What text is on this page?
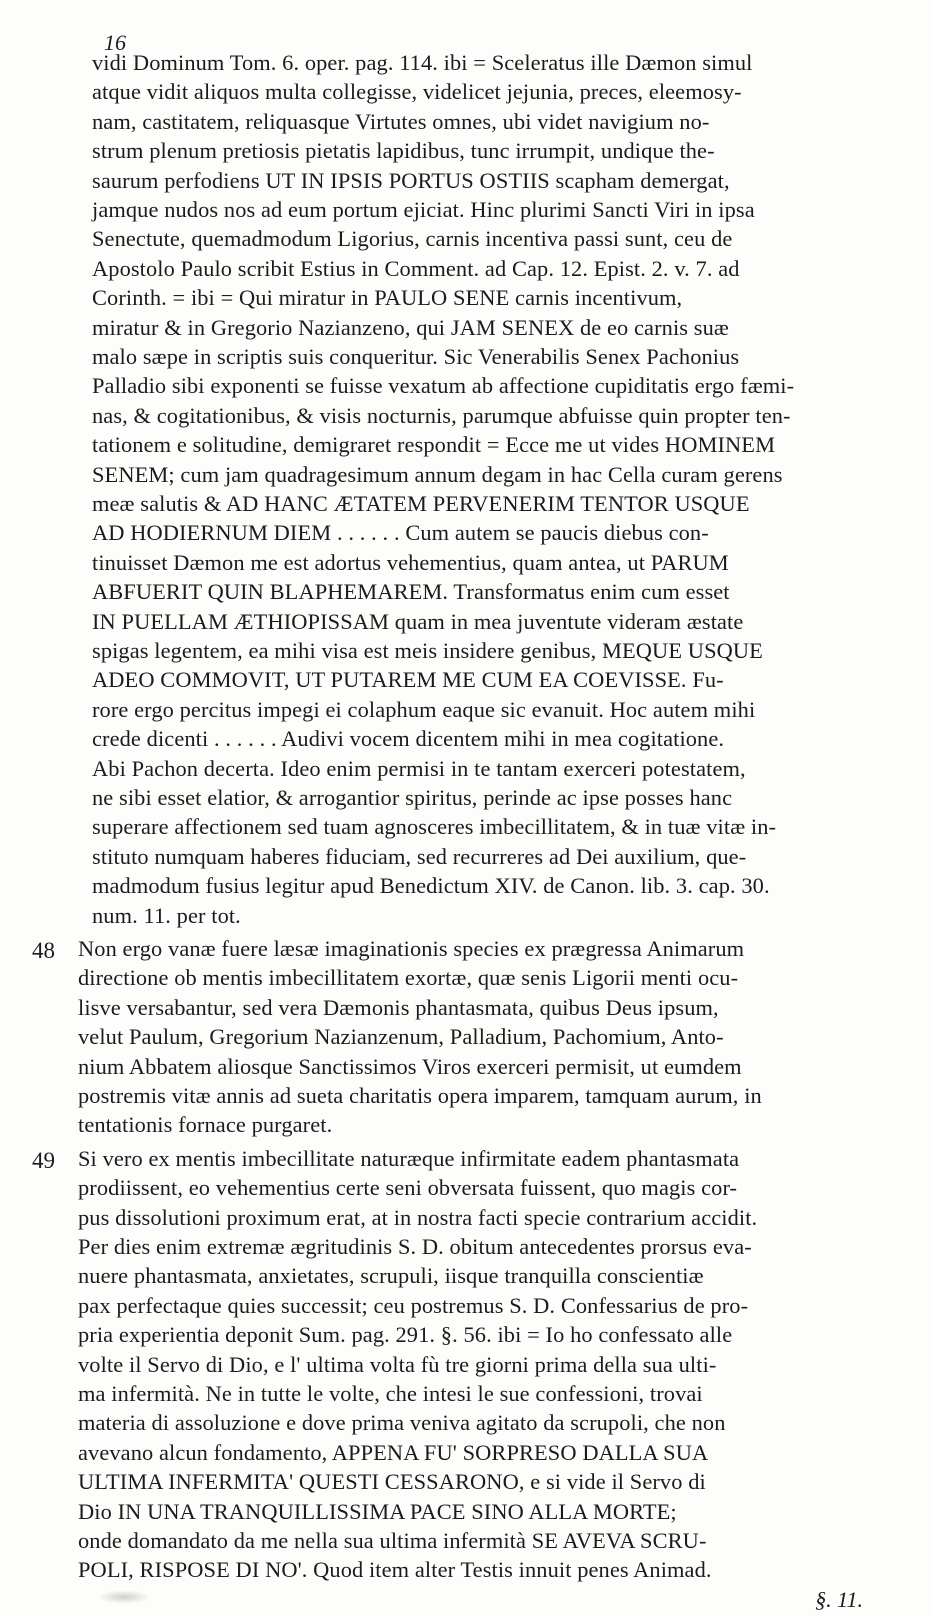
16
vidi Dominum Tom. 6. oper. pag. 114. ibi = Sceleratus ille Dæmon simul
atque vidit aliquos multa collegisse, videlicet jejunia, preces, eleemosy-
nam, castitatem, reliquasque Virtutes omnes, ubi videt navigium no-
strum plenum pretiosis pietatis lapidibus, tunc irrumpit, undique the-
saurum perfodiens UT IN IPSIS PORTUS OSTIIS scapham demergat,
jamque nudos nos ad eum portum ejiciat. Hinc plurimi Sancti Viri in ipsa
Senectute, quemadmodum Ligorius, carnis incentiva passi sunt, ceu de
Apostolo Paulo scribit Estius in Comment. ad Cap. 12. Epist. 2. v. 7. ad
Corinth. = ibi = Qui miratur in PAULO SENE carnis incentivum,
miratur & in Gregorio Nazianzeno, qui JAM SENEX de eo carnis suæ
malo sæpe in scriptis suis conqueritur. Sic Venerabilis Senex Pachonius
Palladio sibi exponenti se fuisse vexatum ab affectione cupiditatis ergo fæmi-
nas, & cogitationibus, & visis nocturnis, parumque abfuisse quin propter ten-
tationem e solitudine, demigraret respondit = Ecce me ut vides HOMINEM
SENEM; cum jam quadragesimum annum degam in hac Cella curam gerens
meæ salutis & AD HANC ÆTATEM PERVENERIM TENTOR USQUE
AD HODIERNUM DIEM . . . . . . Cum autem se paucis diebus con-
tinuisset Dæmon me est adortus vehementius, quam antea, ut PARUM
ABFUERIT QUIN BLAPHEMAREM. Transformatus enim cum esset
IN PUELLAM ÆTHIOPISSAM quam in mea juventute videram æstate
spigas legentem, ea mihi visa est meis insidere genibus, MEQUE USQUE
ADEO COMMOVIT, UT PUTAREM ME CUM EA COEVISSE. Fu-
rore ergo percitus impegi ei colaphum eaque sic evanuit. Hoc autem mihi
crede dicenti . . . . . . Audivi vocem dicentem mihi in mea cogitatione.
Abi Pachon decerta. Ideo enim permisi in te tantam exerceri potestatem,
ne sibi esset elatior, & arrogantior spiritus, perinde ac ipse posses hanc
superare affectionem sed tuam agnosceres imbecillitatem, & in tuæ vitæ in-
stituto numquam haberes fiduciam, sed recurreres ad Dei auxilium, que-
madmodum fusius legitur apud Benedictum XIV. de Canon. lib. 3. cap. 30.
num. 11. per tot.
48 Non ergo vanæ fuere læsæ imaginationis species ex prægressa Animarum
directione ob mentis imbecillitatem exortæ, quæ senis Ligorii menti ocu-
lisve versabantur, sed vera Dæmonis phantasmata, quibus Deus ipsum,
velut Paulum, Gregorium Nazianzenum, Palladium, Pachomium, Anto-
nium Abbatem aliosque Sanctissimos Viros exerceri permisit, ut eumdem
postremis vitæ annis ad sueta charitatis opera imparem, tamquam aurum, in
tentationis fornace purgaret.
49 Si vero ex mentis imbecillitate naturæque infirmitate eadem phantasmata
prodiissent, eo vehementius certe seni obversata fuissent, quo magis cor-
pus dissolutioni proximum erat, at in nostra facti specie contrarium accidit.
Per dies enim extremæ ægritudinis S. D. obitum antecedentes prorsus eva-
nuere phantasmata, anxietates, scrupuli, iisque tranquilla conscientiæ
pax perfectaque quies successit; ceu postremus S. D. Confessarius de pro-
pria experientia deponit Sum. pag. 291. §. 56. ibi = Io ho confessato alle
volte il Servo di Dio, e l' ultima volta fù tre giorni prima della sua ulti-
ma infermità. Ne in tutte le volte, che intesi le sue confessioni, trovai
materia di assoluzione e dove prima veniva agitato da scrupoli, che non
avevano alcun fondamento, APPENA FU' SORPRESO DALLA SUA
ULTIMA INFERMITA' QUESTI CESSARONO, e si vide il Servo di
Dio IN UNA TRANQUILLISSIMA PACE SINO ALLA MORTE;
onde domandato da me nella sua ultima infermità SE AVEVA SCRU-
POLI, RISPOSE DI NO'. Quod item alter Testis innuit penes Animad.
§. 11.
